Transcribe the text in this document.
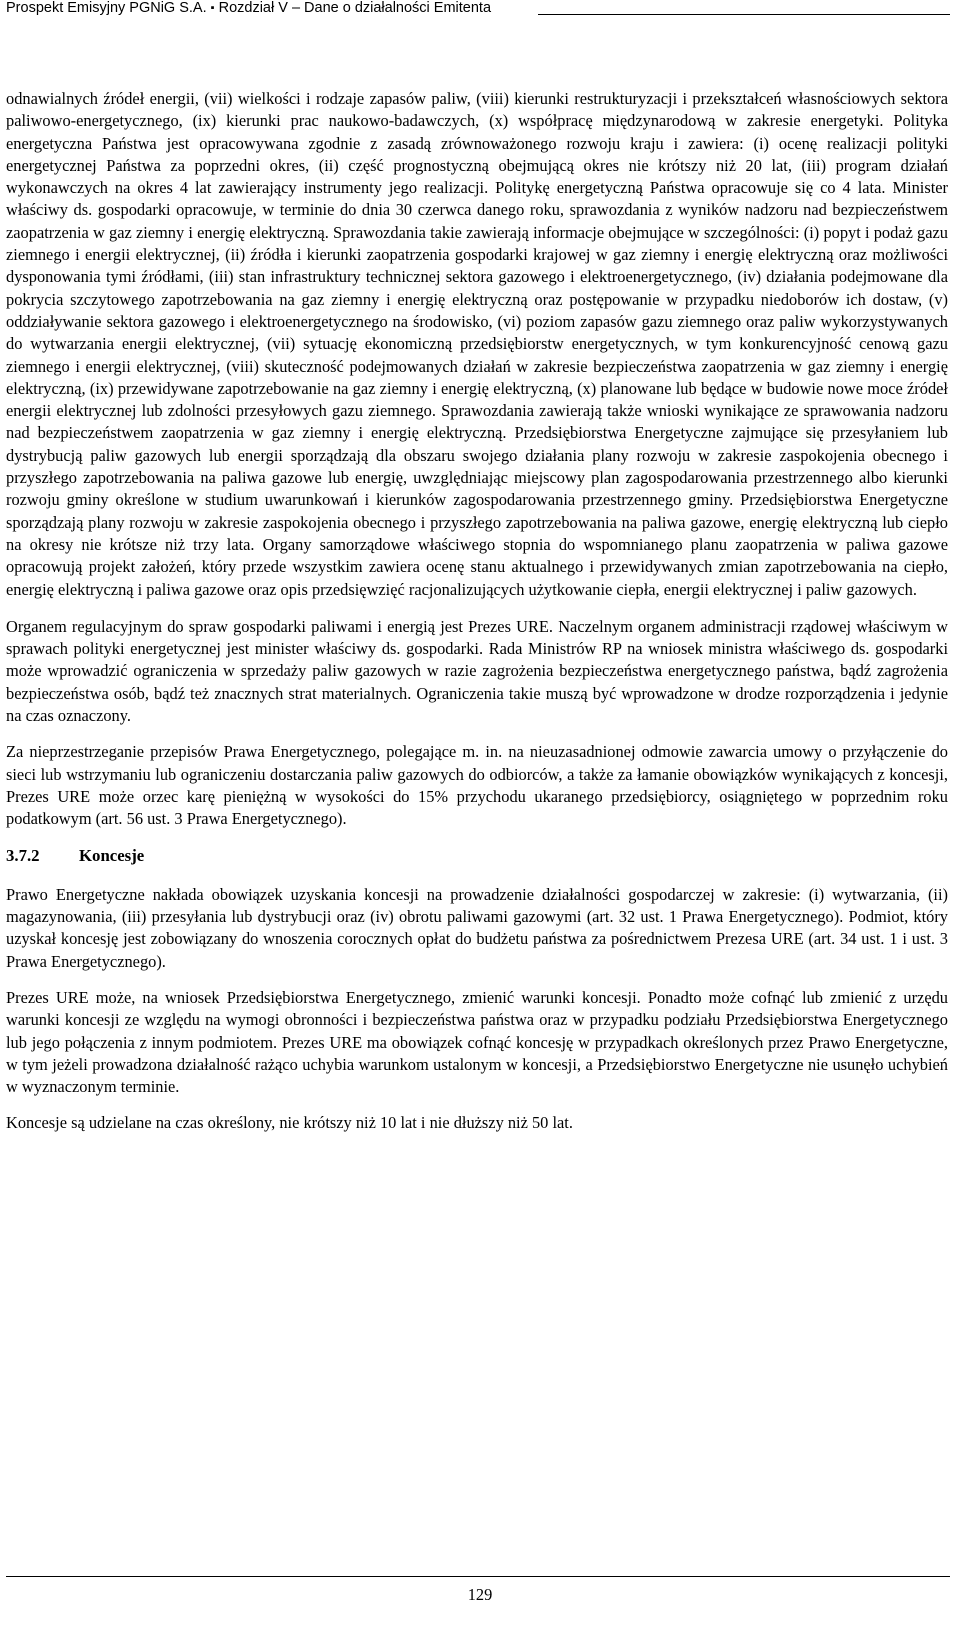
Prospekt Emisyjny PGNiG S.A. ▪ Rozdział V – Dane o działalności Emitenta

odnawialnych źródeł energii, (vii) wielkości i rodzaje zapasów paliw, (viii) kierunki restrukturyzacji i przekształceń własnościowych sektora paliwowo-energetycznego, (ix) kierunki prac naukowo-badawczych, (x) współpracę międzynarodową w zakresie energetyki. Polityka energetyczna Państwa jest opracowywana zgodnie z zasadą zrównoważonego rozwoju kraju i zawiera: (i) ocenę realizacji polityki energetycznej Państwa za poprzedni okres, (ii) część prognostyczną obejmującą okres nie krótszy niż 20 lat, (iii) program działań wykonawczych na okres 4 lat zawierający instrumenty jego realizacji. Politykę energetyczną Państwa opracowuje się co 4 lata. Minister właściwy ds. gospodarki opracowuje, w terminie do dnia 30 czerwca danego roku, sprawozdania z wyników nadzoru nad bezpieczeństwem zaopatrzenia w gaz ziemny i energię elektryczną. Sprawozdania takie zawierają informacje obejmujące w szczególności: (i) popyt i podaż gazu ziemnego i energii elektrycznej, (ii) źródła i kierunki zaopatrzenia gospodarki krajowej w gaz ziemny i energię elektryczną oraz możliwości dysponowania tymi źródłami, (iii) stan infrastruktury technicznej sektora gazowego i elektroenergetycznego, (iv) działania podejmowane dla pokrycia szczytowego zapotrzebowania na gaz ziemny i energię elektryczną oraz postępowanie w przypadku niedoborów ich dostaw, (v) oddziaływanie sektora gazowego i elektroenergetycznego na środowisko, (vi) poziom zapasów gazu ziemnego oraz paliw wykorzystywanych do wytwarzania energii elektrycznej, (vii) sytuację ekonomiczną przedsiębiorstw energetycznych, w tym konkurencyjność cenową gazu ziemnego i energii elektrycznej, (viii) skuteczność podejmowanych działań w zakresie bezpieczeństwa zaopatrzenia w gaz ziemny i energię elektryczną, (ix) przewidywane zapotrzebowanie na gaz ziemny i energię elektryczną, (x) planowane lub będące w budowie nowe moce źródeł energii elektrycznej lub zdolności przesyłowych gazu ziemnego. Sprawozdania zawierają także wnioski wynikające ze sprawowania nadzoru nad bezpieczeństwem zaopatrzenia w gaz ziemny i energię elektryczną. Przedsiębiorstwa Energetyczne zajmujące się przesyłaniem lub dystrybucją paliw gazowych lub energii sporządzają dla obszaru swojego działania plany rozwoju w zakresie zaspokojenia obecnego i przyszłego zapotrzebowania na paliwa gazowe lub energię, uwzględniając miejscowy plan zagospodarowania przestrzennego albo kierunki rozwoju gminy określone w studium uwarunkowań i kierunków zagospodarowania przestrzennego gminy. Przedsiębiorstwa Energetyczne sporządzają plany rozwoju w zakresie zaspokojenia obecnego i przyszłego zapotrzebowania na paliwa gazowe, energię elektryczną lub ciepło na okresy nie krótsze niż trzy lata. Organy samorządowe właściwego stopnia do wspomnianego planu zaopatrzenia w paliwa gazowe opracowują projekt założeń, który przede wszystkim zawiera ocenę stanu aktualnego i przewidywanych zmian zapotrzebowania na ciepło, energię elektryczną i paliwa gazowe oraz opis przedsięwzięć racjonalizujących użytkowanie ciepła, energii elektrycznej i paliw gazowych.

Organem regulacyjnym do spraw gospodarki paliwami i energią jest Prezes URE. Naczelnym organem administracji rządowej właściwym w sprawach polityki energetycznej jest minister właściwy ds. gospodarki. Rada Ministrów RP na wniosek ministra właściwego ds. gospodarki może wprowadzić ograniczenia w sprzedaży paliw gazowych w razie zagrożenia bezpieczeństwa energetycznego państwa, bądź zagrożenia bezpieczeństwa osób, bądź też znacznych strat materialnych. Ograniczenia takie muszą być wprowadzone w drodze rozporządzenia i jedynie na czas oznaczony.

Za nieprzestrzeganie przepisów Prawa Energetycznego, polegające m. in. na nieuzasadnionej odmowie zawarcia umowy o przyłączenie do sieci lub wstrzymaniu lub ograniczeniu dostarczania paliw gazowych do odbiorców, a także za łamanie obowiązków wynikających z koncesji, Prezes URE może orzec karę pieniężną w wysokości do 15% przychodu ukaranego przedsiębiorcy, osiągniętego w poprzednim roku podatkowym (art. 56 ust. 3 Prawa Energetycznego).

3.7.2	Koncesje

Prawo Energetyczne nakłada obowiązek uzyskania koncesji na prowadzenie działalności gospodarczej w zakresie: (i) wytwarzania, (ii) magazynowania, (iii) przesyłania lub dystrybucji oraz (iv) obrotu paliwami gazowymi (art. 32 ust. 1 Prawa Energetycznego). Podmiot, który uzyskał koncesję jest zobowiązany do wnoszenia corocznych opłat do budżetu państwa za pośrednictwem Prezesa URE (art. 34 ust. 1 i ust. 3 Prawa Energetycznego).

Prezes URE może, na wniosek Przedsiębiorstwa Energetycznego, zmienić warunki koncesji. Ponadto może cofnąć lub zmienić z urzędu warunki koncesji ze względu na wymogi obronności i bezpieczeństwa państwa oraz w przypadku podziału Przedsiębiorstwa Energetycznego lub jego połączenia z innym podmiotem. Prezes URE ma obowiązek cofnąć koncesję w przypadkach określonych przez Prawo Energetyczne, w tym jeżeli prowadzona działalność rażąco uchybia warunkom ustalonym w koncesji, a Przedsiębiorstwo Energetyczne nie usunęło uchybień w wyznaczonym terminie.

Koncesje są udzielane na czas określony, nie krótszy niż 10 lat i nie dłuższy niż 50 lat.

129
